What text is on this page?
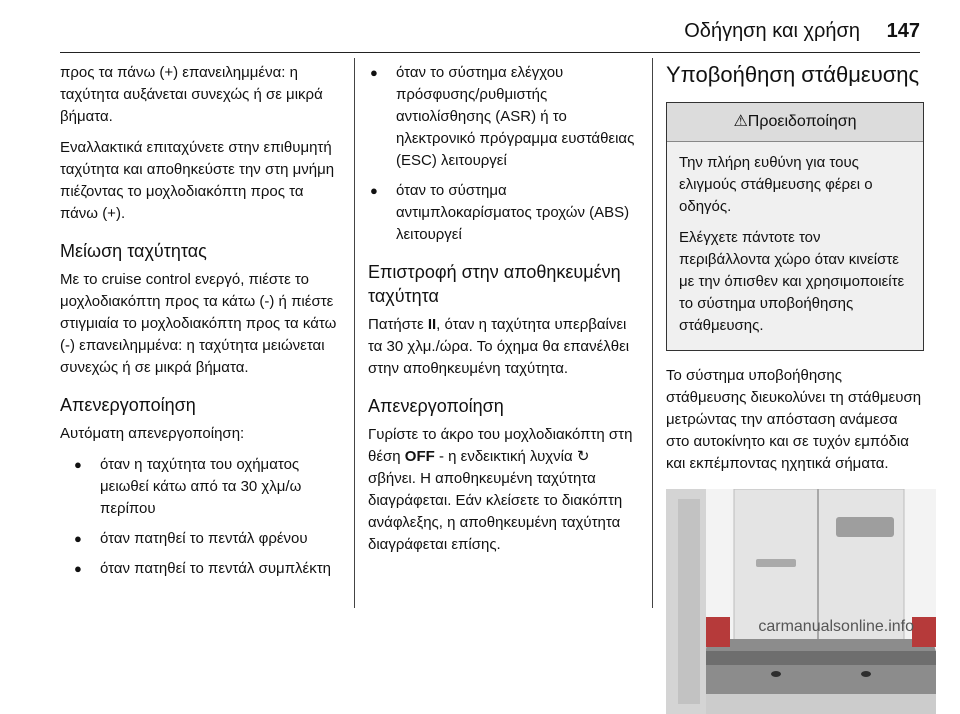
Οδήγηση και χρήση 147

προς τα πάνω (+) επανειλημμένα: η ταχύτητα αυξάνεται συνεχώς ή σε μικρά βήματα.

Εναλλακτικά επιταχύνετε στην επιθυμητή ταχύτητα και αποθηκεύστε την στη μνήμη πιέζοντας το μοχλοδιακόπτη προς τα πάνω (+).

Μείωση ταχύτητας

Με το cruise control ενεργό, πιέστε το μοχλοδιακόπτη προς τα κάτω (-) ή πιέστε στιγμιαία το μοχλοδιακόπτη προς τα κάτω (-) επανειλημμένα: η ταχύτητα μειώνεται συνεχώς ή σε μικρά βήματα.

Απενεργοποίηση

Αυτόματη απενεργοποίηση:

●	όταν η ταχύτητα του οχήματος μειωθεί κάτω από τα 30 χλμ/ω περίπου
●	όταν πατηθεί το πεντάλ φρένου
●	όταν πατηθεί το πεντάλ συμπλέκτη
●	όταν το σύστημα ελέγχου πρόσφυσης/ρυθμιστής αντιολίσθησης (ASR) ή το ηλεκτρονικό πρόγραμμα ευστάθειας (ESC) λειτουργεί
●	όταν το σύστημα αντιμπλοκαρίσματος τροχών (ABS) λειτουργεί
Επιστροφή στην αποθηκευμένη ταχύτητα

Πατήστε II, όταν η ταχύτητα υπερβαίνει τα 30 χλμ./ώρα. Το όχημα θα επανέλθει στην αποθηκευμένη ταχύτητα.

Απενεργοποίηση

Γυρίστε το άκρο του μοχλοδιακόπτη στη θέση OFF - η ενδεικτική λυχνία ↻ σβήνει. Η αποθηκευμένη ταχύτητα διαγράφεται. Εάν κλείσετε το διακόπτη ανάφλεξης, η αποθηκευμένη ταχύτητα διαγράφεται επίσης.

Υποβοήθηση στάθμευσης
⚠Προειδοποίηση

Την πλήρη ευθύνη για τους ελιγμούς στάθμευσης φέρει ο οδηγός.

Ελέγχετε πάντοτε τον περιβάλλοντα χώρο όταν κινείστε με την όπισθεν και χρησιμοποιείτε το σύστημα υποβοήθησης στάθμευσης.

Το σύστημα υποβοήθησης στάθμευσης διευκολύνει τη στάθμευση μετρώντας την απόσταση ανάμεσα στο αυτοκίνητο και σε τυχόν εμπόδια και εκπέμποντας ηχητικά σήματα.

carmanualsonline.info
